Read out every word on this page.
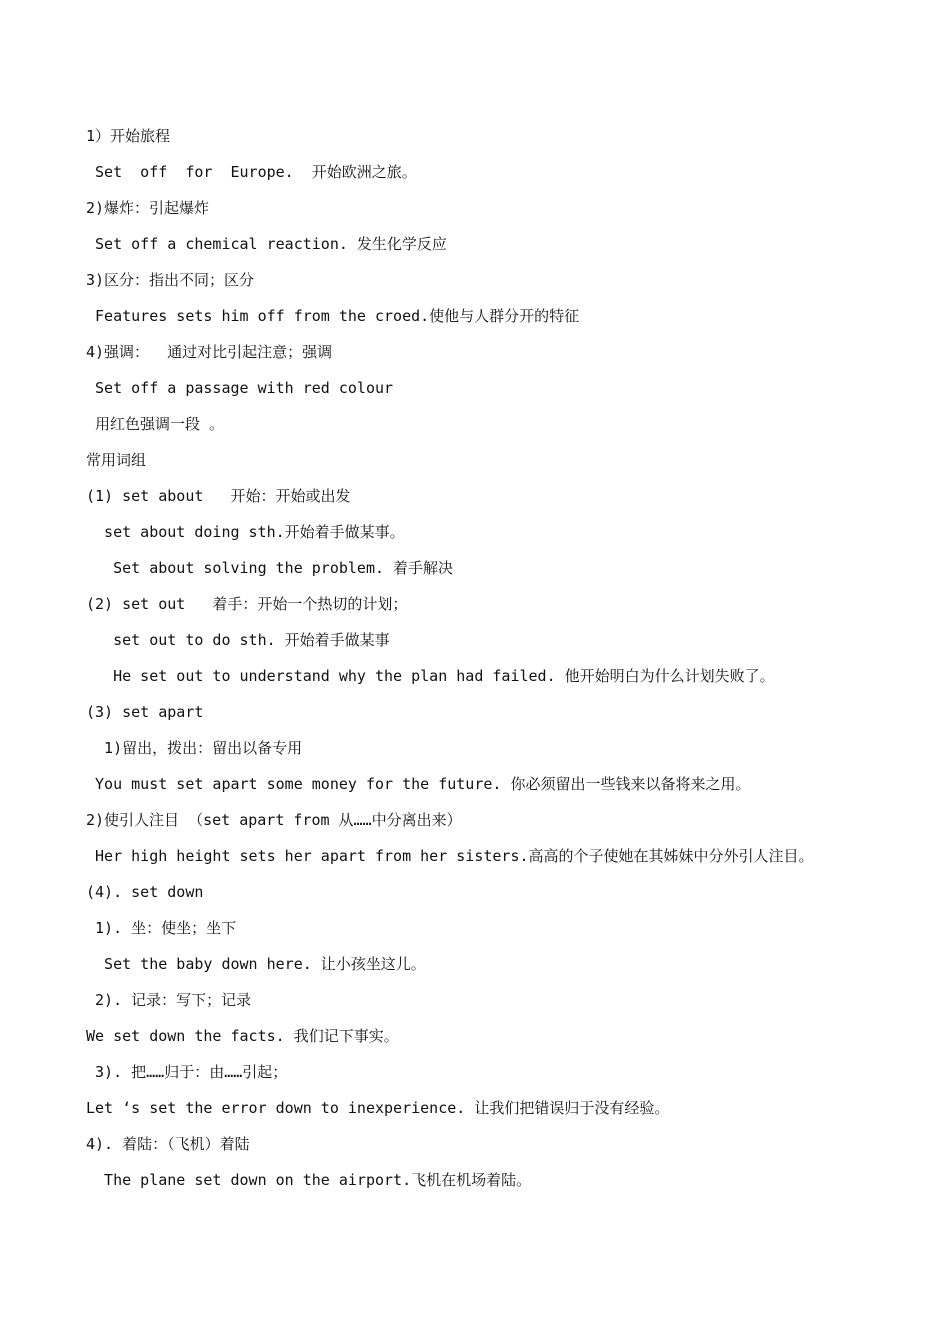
1）开始旅程
Set  off  for  Europe.  开始欧洲之旅。
2)爆炸：引起爆炸
Set off a chemical reaction. 发生化学反应
3)区分：指出不同；区分
Features sets him off from the croed.使他与人群分开的特征
4)强调：  通过对比引起注意；强调
Set off a passage with red colour
用红色强调一段 。
常用词组
(1) set about   开始：开始或出发
set about doing sth.开始着手做某事。
Set about solving the problem. 着手解决
(2) set out   着手：开始一个热切的计划；
set out to do sth. 开始着手做某事
He set out to understand why the plan had failed. 他开始明白为什么计划失败了。
(3) set apart
1)留出，拨出：留出以备专用
You must set apart some money for the future. 你必须留出一些钱来以备将来之用。
2)使引人注目 （set apart from 从……中分离出来）
Her high height sets her apart from her sisters.高高的个子使她在其姊妹中分外引人注目。
(4). set down
1). 坐：使坐；坐下
Set the baby down here. 让小孩坐这儿。
2). 记录：写下；记录
We set down the facts. 我们记下事实。
3). 把……归于：由……引起；
Let ‘s set the error down to inexperience. 让我们把错误归于没有经验。
4). 着陆：（飞机）着陆
The plane set down on the airport.飞机在机场着陆。
